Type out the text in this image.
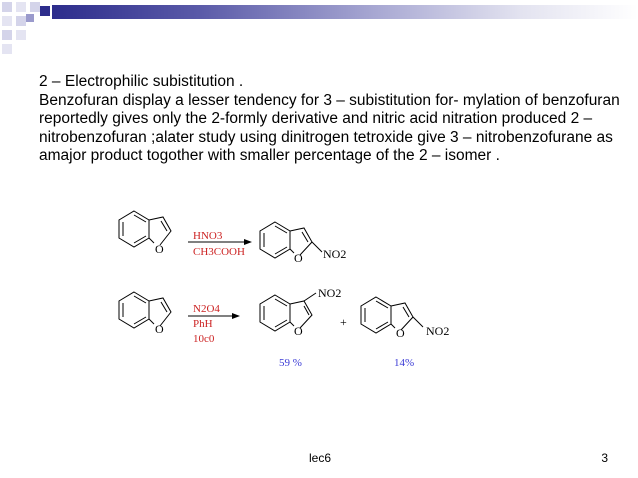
2 – Electrophilic subistitution .

Benzofuran display a lesser tendency for 3 – subistitution for- mylation of benzofuran reportedly gives only the 2-formly derivative and nitric acid nitration produced 2 – nitrobenzofuran ;alater study using dinitrogen tetroxide give 3 – nitrobenzofurane as amajor product togother with smaller percentage of the 2 – isomer .

O
HNO3
CH3COOH	O NO2
O
N2O4
PhH
10c0
O
NO2
+
O NO2
59 %	14%
lec6	3
